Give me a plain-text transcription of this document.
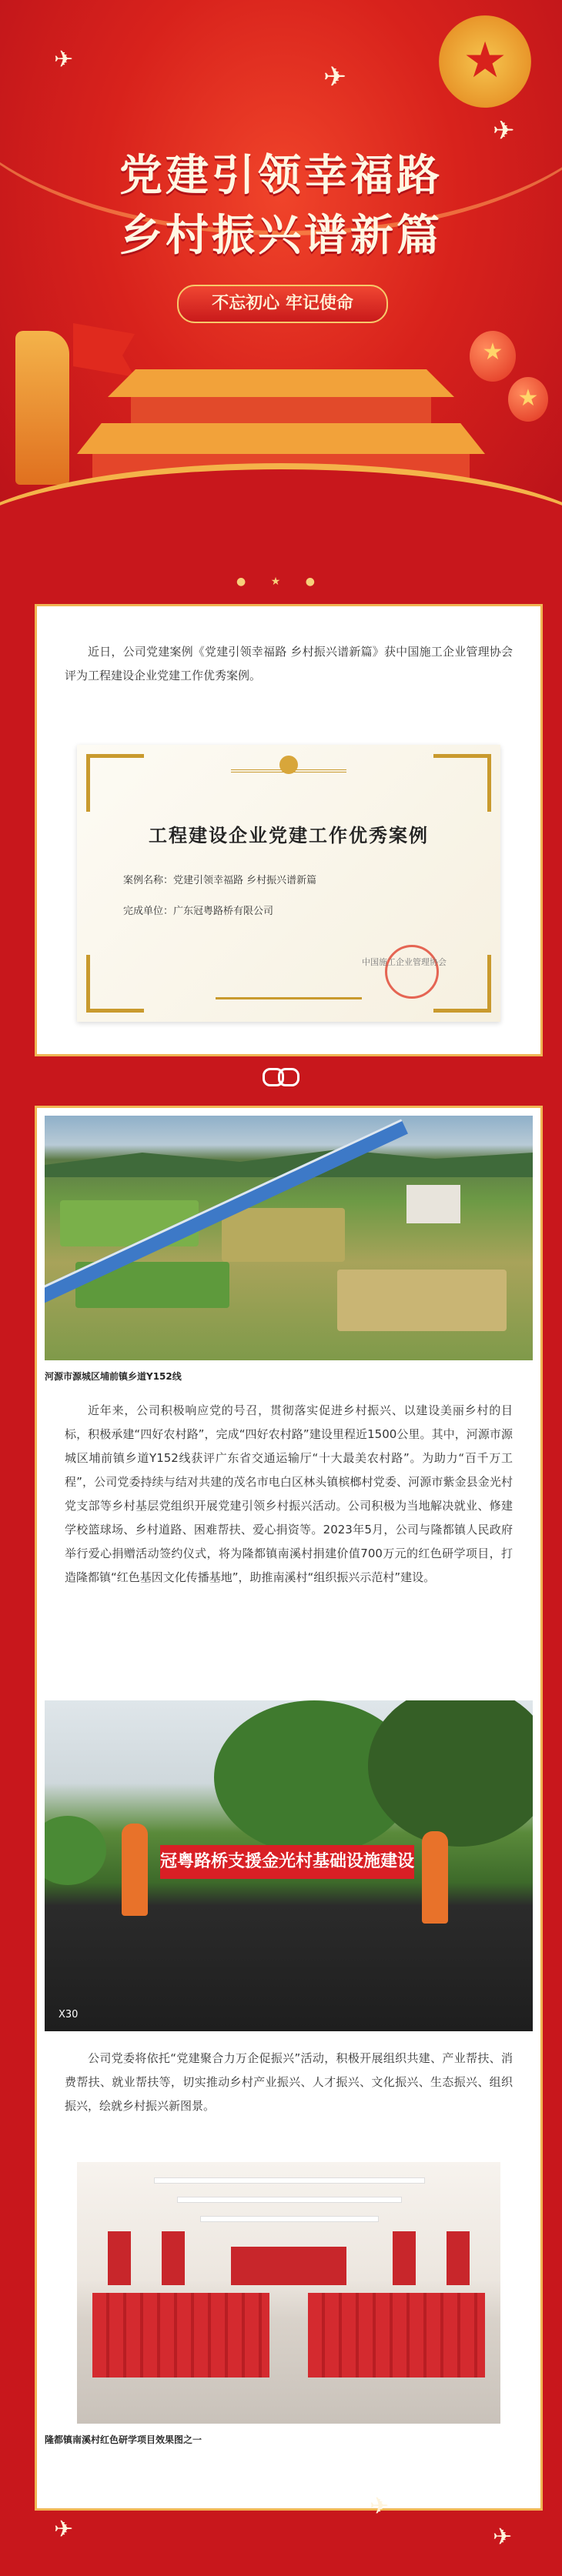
★
✈
✈
✈
党建引领幸福路
乡村振兴谱新篇
不忘初心 牢记使命
★
★
● ★ ●

近日，公司党建案例《党建引领幸福路 乡村振兴谱新篇》获中国施工企业管理协会评为工程建设企业党建工作优秀案例。

工程建设企业党建工作优秀案例
案例名称：党建引领幸福路 乡村振兴谱新篇
完成单位：广东冠粤路桥有限公司
中国施工企业管理协会
河源市源城区埔前镇乡道Y152线

近年来，公司积极响应党的号召，贯彻落实促进乡村振兴、以建设美丽乡村的目标，积极承建“四好农村路”，完成“四好农村路”建设里程近1500公里。其中，河源市源城区埔前镇乡道Y152线获评广东省交通运输厅“十大最美农村路”。为助力“百千万工程”，公司党委持续与结对共建的茂名市电白区林头镇槟榔村党委、河源市紫金县金光村党支部等乡村基层党组织开展党建引领乡村振兴活动。公司积极为当地解决就业、修建学校篮球场、乡村道路、困难帮扶、爱心捐资等。2023年5月，公司与隆都镇人民政府举行爱心捐赠活动签约仪式，将为隆都镇南溪村捐建价值700万元的红色研学项目，打造隆都镇“红色基因文化传播基地”，助推南溪村“组织振兴示范村”建设。

冠粤路桥支援金光村基础设施建设
X30

公司党委将依托“党建聚合力万企促振兴”活动，积极开展组织共建、产业帮扶、消费帮扶、就业帮扶等，切实推动乡村产业振兴、人才振兴、文化振兴、生态振兴、组织振兴，绘就乡村振兴新图景。

隆都镇南溪村红色研学项目效果图之一
✈
✈
✈
